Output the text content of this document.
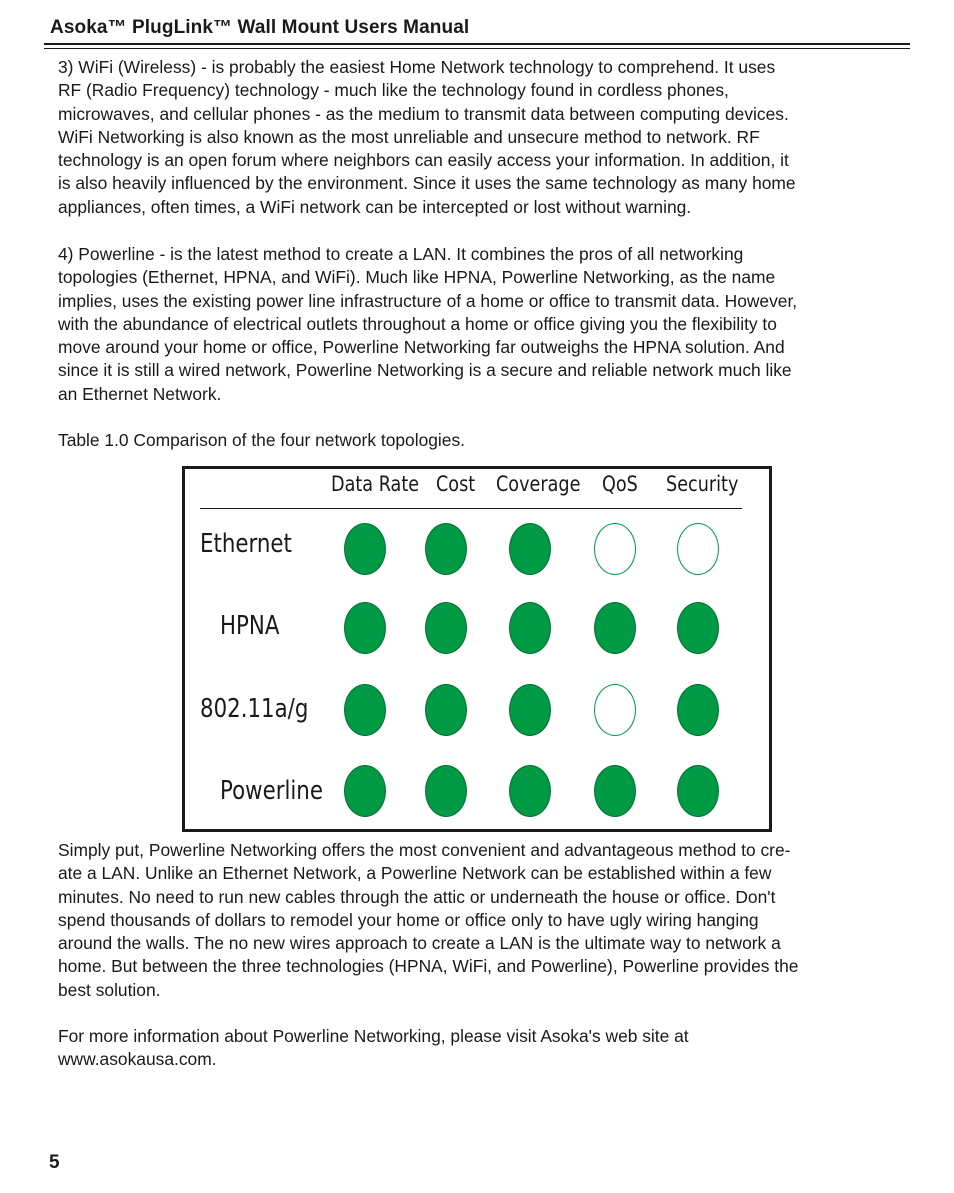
Asoka™ PlugLink™ Wall Mount Users Manual

3) WiFi (Wireless) - is probably the easiest Home Network technology to comprehend. It uses
RF (Radio Frequency) technology - much like the technology found in cordless phones,
microwaves, and cellular phones - as the medium to transmit data between computing devices.
WiFi Networking is also known as the most unreliable and unsecure method to network. RF
technology is an open forum where neighbors can easily access your information. In addition, it
is also heavily influenced by the environment. Since it uses the same technology as many home
appliances, often times, a WiFi network can be intercepted or lost without warning.

4) Powerline - is the latest method to create a LAN. It combines the pros of all networking
topologies (Ethernet, HPNA, and WiFi). Much like HPNA, Powerline Networking, as the name
implies, uses the existing power line infrastructure of a home or office to transmit data. However,
with the abundance of electrical outlets throughout a home or office giving you the flexibility to
move around your home or office, Powerline Networking far outweighs the HPNA solution. And
since it is still a wired network, Powerline Networking is a secure and reliable network much like
an Ethernet Network.

Table 1.0 Comparison of the four network topologies.

Data Rate Cost Coverage QoS Security
Ethernet
HPNA
802.11a/g
Powerline
Simply put, Powerline Networking offers the most convenient and advantageous method to cre-
ate a LAN. Unlike an Ethernet Network, a Powerline Network can be established within a few
minutes. No need to run new cables through the attic or underneath the house or office. Don't
spend thousands of dollars to remodel your home or office only to have ugly wiring hanging
around the walls. The no new wires approach to create a LAN is the ultimate way to network a
home. But between the three technologies (HPNA, WiFi, and Powerline), Powerline provides the
best solution.
For more information about Powerline Networking, please visit Asoka's web site at
www.asokausa.com.
5
